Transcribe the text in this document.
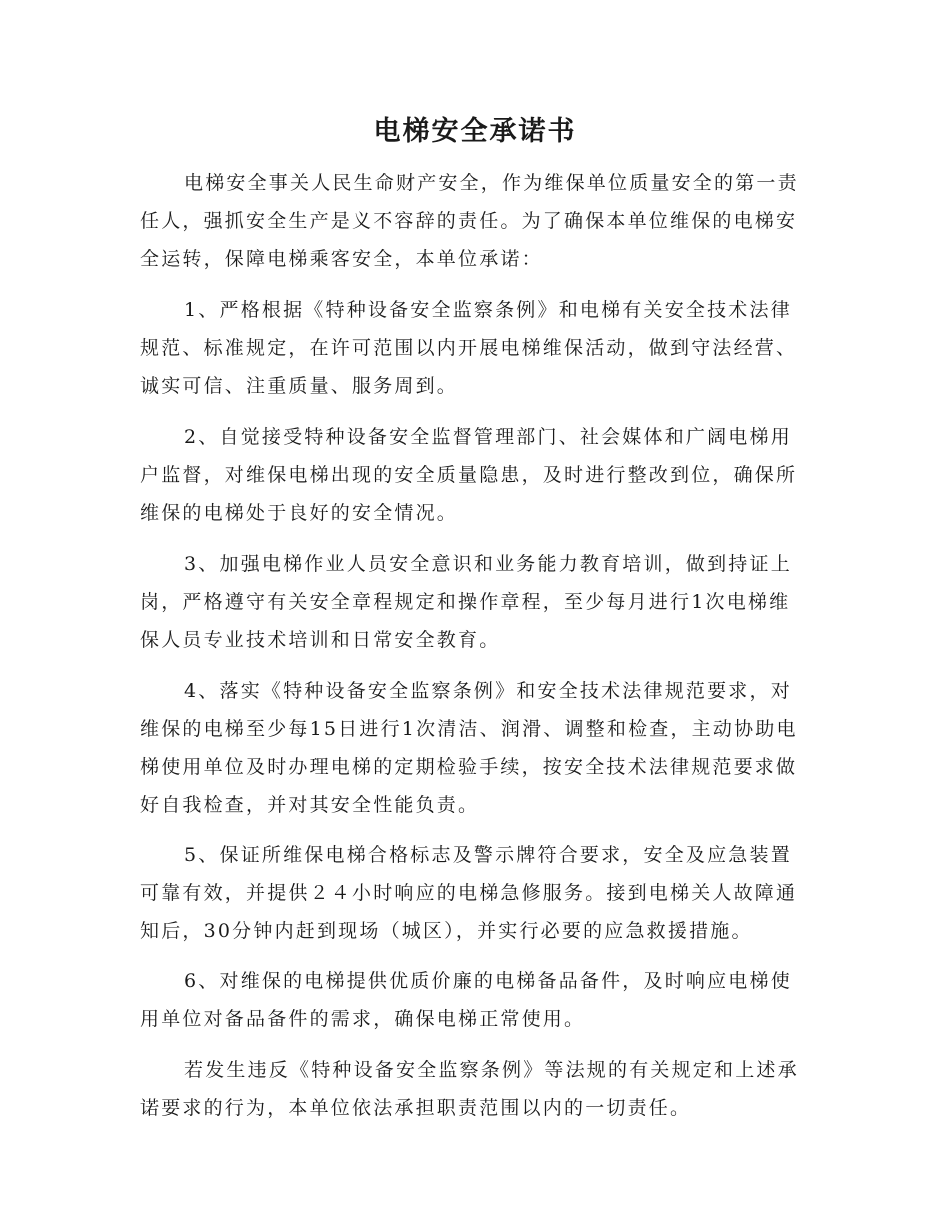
电梯安全承诺书

电梯安全事关人民生命财产安全，作为维保单位质量安全的第一责任人，强抓安全生产是义不容辞的责任。为了确保本单位维保的电梯安全运转，保障电梯乘客安全，本单位承诺：

1、严格根据《特种设备安全监察条例》和电梯有关安全技术法律规范、标准规定，在许可范围以内开展电梯维保活动，做到守法经营、诚实可信、注重质量、服务周到。

2、自觉接受特种设备安全监督管理部门、社会媒体和广阔电梯用户监督，对维保电梯出现的安全质量隐患，及时进行整改到位，确保所维保的电梯处于良好的安全情况。

3、加强电梯作业人员安全意识和业务能力教育培训，做到持证上岗，严格遵守有关安全章程规定和操作章程，至少每月进行1次电梯维保人员专业技术培训和日常安全教育。

4、落实《特种设备安全监察条例》和安全技术法律规范要求，对维保的电梯至少每15日进行1次清洁、润滑、调整和检查，主动协助电梯使用单位及时办理电梯的定期检验手续，按安全技术法律规范要求做好自我检查，并对其安全性能负责。

5、保证所维保电梯合格标志及警示牌符合要求，安全及应急装置可靠有效，并提供２４小时响应的电梯急修服务。接到电梯关人故障通知后，30分钟内赶到现场（城区），并实行必要的应急救援措施。

6、对维保的电梯提供优质价廉的电梯备品备件，及时响应电梯使用单位对备品备件的需求，确保电梯正常使用。

若发生违反《特种设备安全监察条例》等法规的有关规定和上述承诺要求的行为，本单位依法承担职责范围以内的一切责任。
